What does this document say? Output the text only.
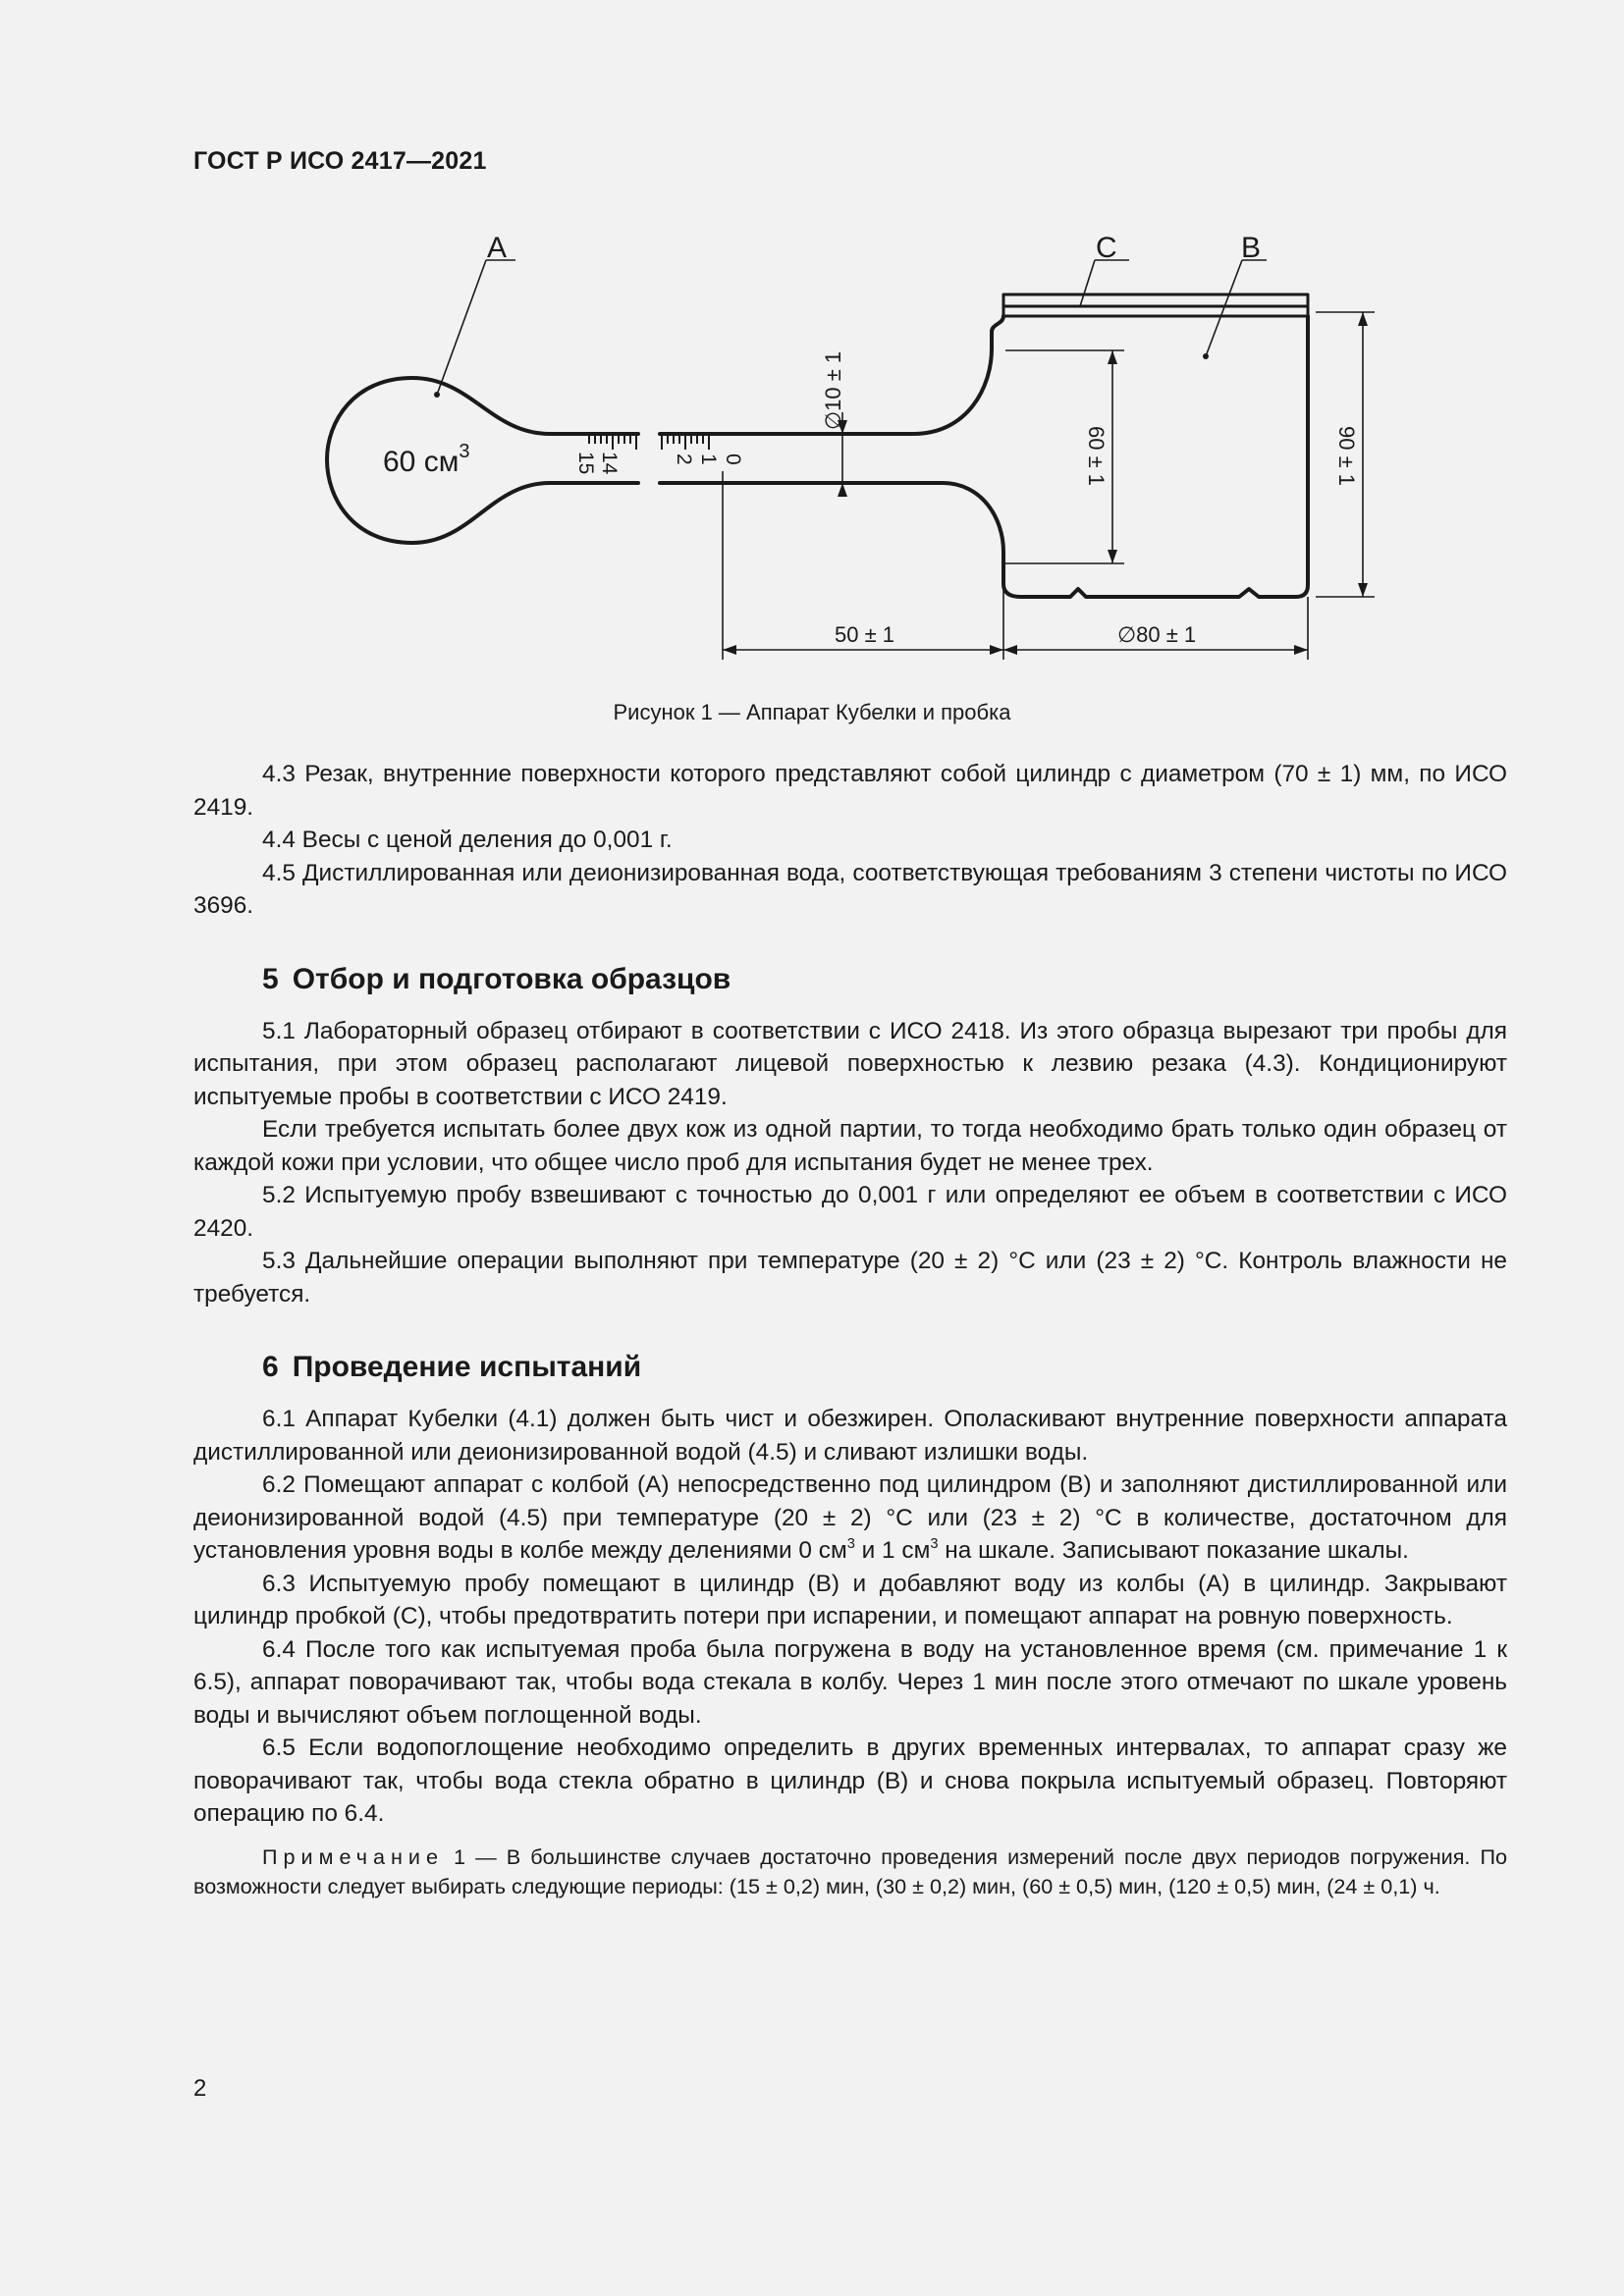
ГОСТ Р ИСО 2417—2021
A	C	B
60 $см^3$	14
15	0
1
2
∅10 ± 1
60 ± 1	90 ± 1
50 ± 1	∅80 ± 1
Рисунок 1 — Аппарат Кубелки и пробка

4.3 Резак, внутренние поверхности которого представляют собой цилиндр с диаметром (70 ± 1) мм, по ИСО 2419.

4.4 Весы с ценой деления до 0,001 г.

4.5 Дистиллированная или деионизированная вода, соответствующая требованиям 3 степени чистоты по ИСО 3696.

5 Отбор и подготовка образцов

5.1 Лабораторный образец отбирают в соответствии с ИСО 2418. Из этого образца вырезают три пробы для испытания, при этом образец располагают лицевой поверхностью к лезвию резака (4.3). Кондиционируют испытуемые пробы в соответствии с ИСО 2419.

Если требуется испытать более двух кож из одной партии, то тогда необходимо брать только один образец от каждой кожи при условии, что общее число проб для испытания будет не менее трех.

5.2 Испытуемую пробу взвешивают с точностью до 0,001 г или определяют ее объем в соответствии с ИСО 2420.

5.3 Дальнейшие операции выполняют при температуре (20 ± 2) °С или (23 ± 2) °С. Контроль влажности не требуется.

6 Проведение испытаний

6.1 Аппарат Кубелки (4.1) должен быть чист и обезжирен. Ополаскивают внутренние поверхности аппарата дистиллированной или деионизированной водой (4.5) и сливают излишки воды.

6.2 Помещают аппарат с колбой (А) непосредственно под цилиндром (В) и заполняют дистиллированной или деионизированной водой (4.5) при температуре (20 ± 2) °С или (23 ± 2) °С в количестве, достаточном для установления уровня воды в колбе между делениями 0 $см^3$ и 1 $см^3$ на шкале. Записывают показание шкалы.

6.3 Испытуемую пробу помещают в цилиндр (В) и добавляют воду из колбы (А) в цилиндр. Закрывают цилиндр пробкой (С), чтобы предотвратить потери при испарении, и помещают аппарат на ровную поверхность.

6.4 После того как испытуемая проба была погружена в воду на установленное время (см. примечание 1 к 6.5), аппарат поворачивают так, чтобы вода стекала в колбу. Через 1 мин после этого отмечают по шкале уровень воды и вычисляют объем поглощенной воды.

6.5 Если водопоглощение необходимо определить в других временных интервалах, то аппарат сразу же поворачивают так, чтобы вода стекла обратно в цилиндр (В) и снова покрыла испытуемый образец. Повторяют операцию по 6.4.

Примечание 1 — В большинстве случаев достаточно проведения измерений после двух периодов погружения. По возможности следует выбирать следующие периоды: (15 ± 0,2) мин, (30 ± 0,2) мин, (60 ± 0,5) мин, (120 ± 0,5) мин, (24 ± 0,1) ч.

2
